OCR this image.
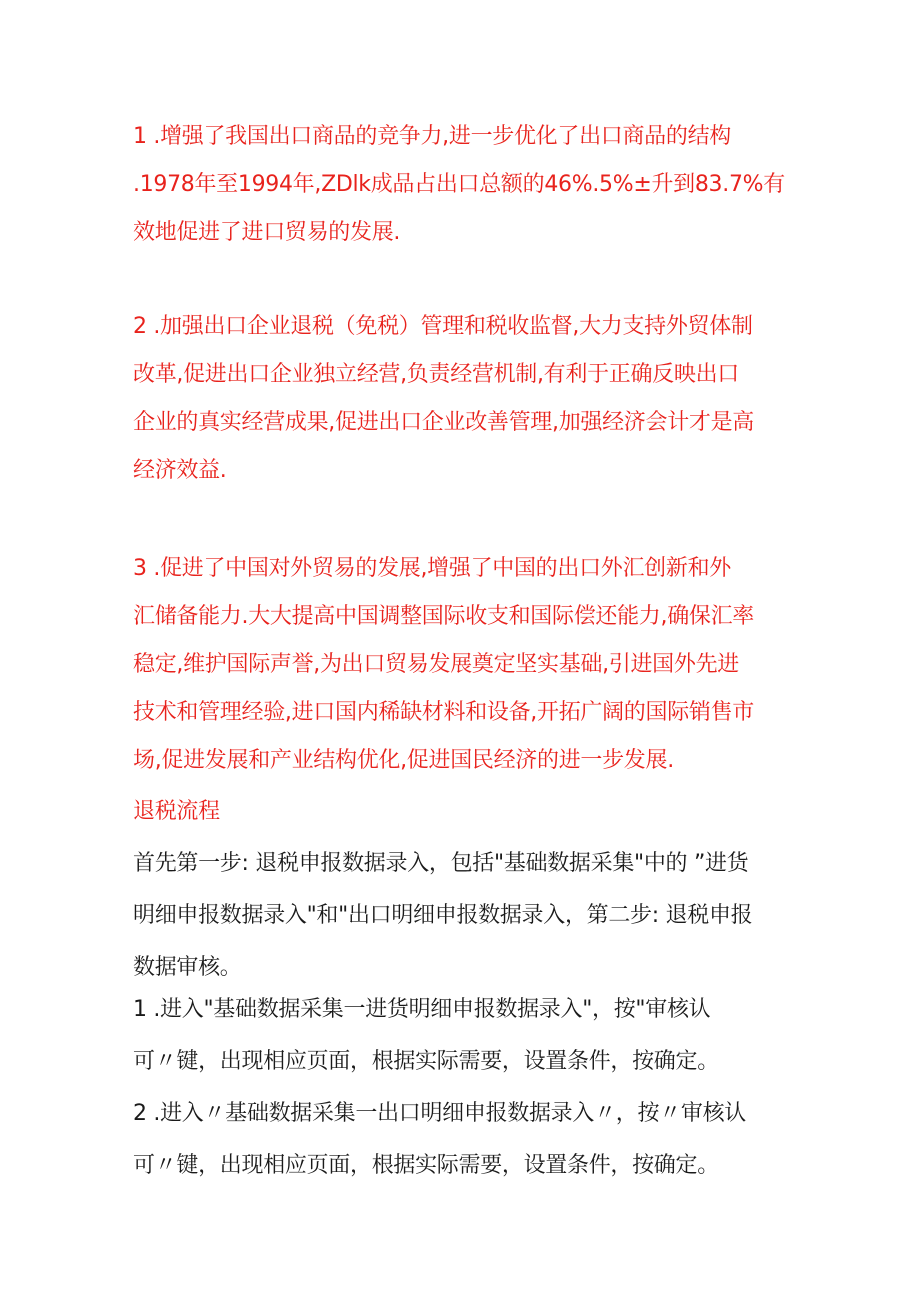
1 .增强了我国出口商品的竞争力,进一步优化了出口商品的结构
.1978年至1994年,ZDlk成品占出口总额的46%.5%±升到83.7%有
效地促进了进口贸易的发展.

2 .加强出口企业退税（免税）管理和税收监督,大力支持外贸体制
改革,促进出口企业独立经营,负责经营机制,有利于正确反映出口
企业的真实经营成果,促进出口企业改善管理,加强经济会计才是高
经济效益.

3 .促进了中国对外贸易的发展,增强了中国的出口外汇创新和外
汇储备能力.大大提高中国调整国际收支和国际偿还能力,确保汇率
稳定,维护国际声誉,为出口贸易发展奠定坚实基础,引进国外先进
技术和管理经验,进口国内稀缺材料和设备,开拓广阔的国际销售市
场,促进发展和产业结构优化,促进国民经济的进一步发展.

退税流程

首先第一步: 退税申报数据录入，包括"基础数据采集"中的 ”进货
明细申报数据录入"和"出口明细申报数据录入，第二步: 退税申报
数据审核。

1 .进入"基础数据采集一进货明细申报数据录入"，按"审核认
可〃键，出现相应页面，根据实际需要，设置条件，按确定。

2 .进入〃基础数据采集一出口明细申报数据录入〃，按〃审核认
可〃键，出现相应页面，根据实际需要，设置条件，按确定。
